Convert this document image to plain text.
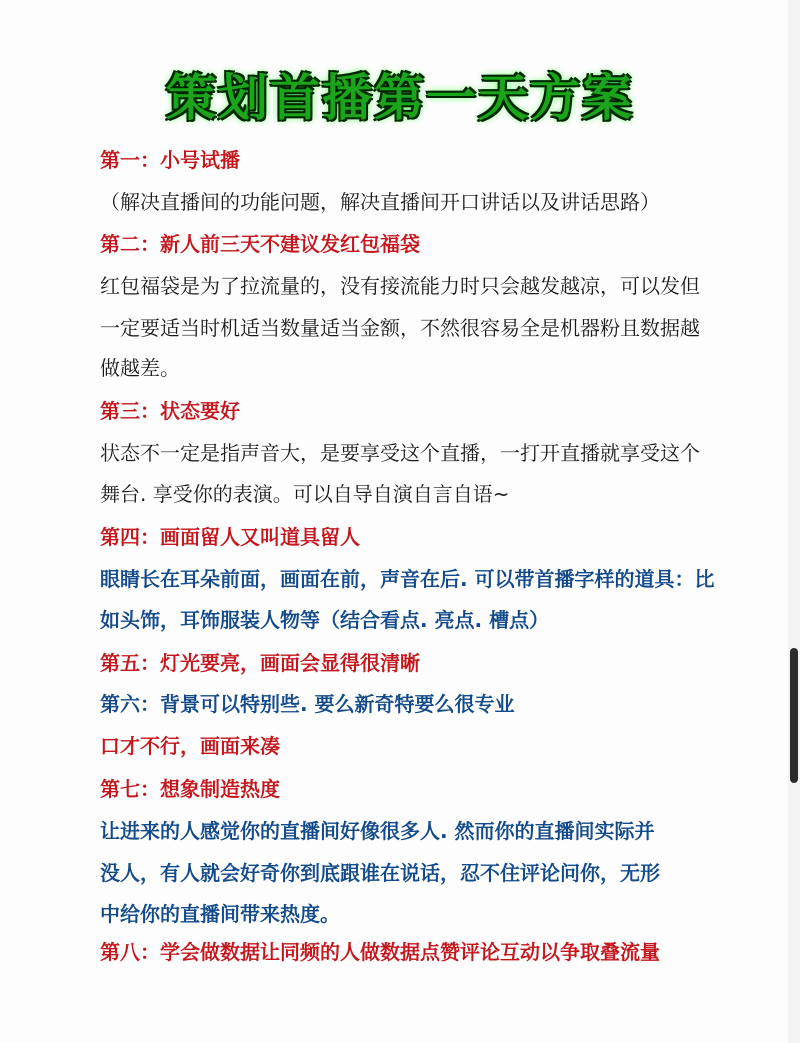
策划首播第一天方案
第一：小号试播
（解决直播间的功能问题，解决直播间开口讲话以及讲话思路）
第二：新人前三天不建议发红包福袋
红包福袋是为了拉流量的，没有接流能力时只会越发越凉，可以发但
一定要适当时机适当数量适当金额，不然很容易全是机器粉且数据越
做越差。
第三：状态要好
状态不一定是指声音大，是要享受这个直播，一打开直播就享受这个
舞台. 享受你的表演。可以自导自演自言自语~
第四：画面留人又叫道具留人
眼睛长在耳朵前面，画面在前，声音在后. 可以带首播字样的道具：比
如头饰，耳饰服装人物等（结合看点. 亮点. 槽点）
第五：灯光要亮，画面会显得很清晰
第六：背景可以特别些. 要么新奇特要么很专业
口才不行，画面来凑
第七：想象制造热度
让进来的人感觉你的直播间好像很多人. 然而你的直播间实际并
没人，有人就会好奇你到底跟谁在说话，忍不住评论问你，无形
中给你的直播间带来热度。
第八：学会做数据让同频的人做数据点赞评论互动以争取叠流量
